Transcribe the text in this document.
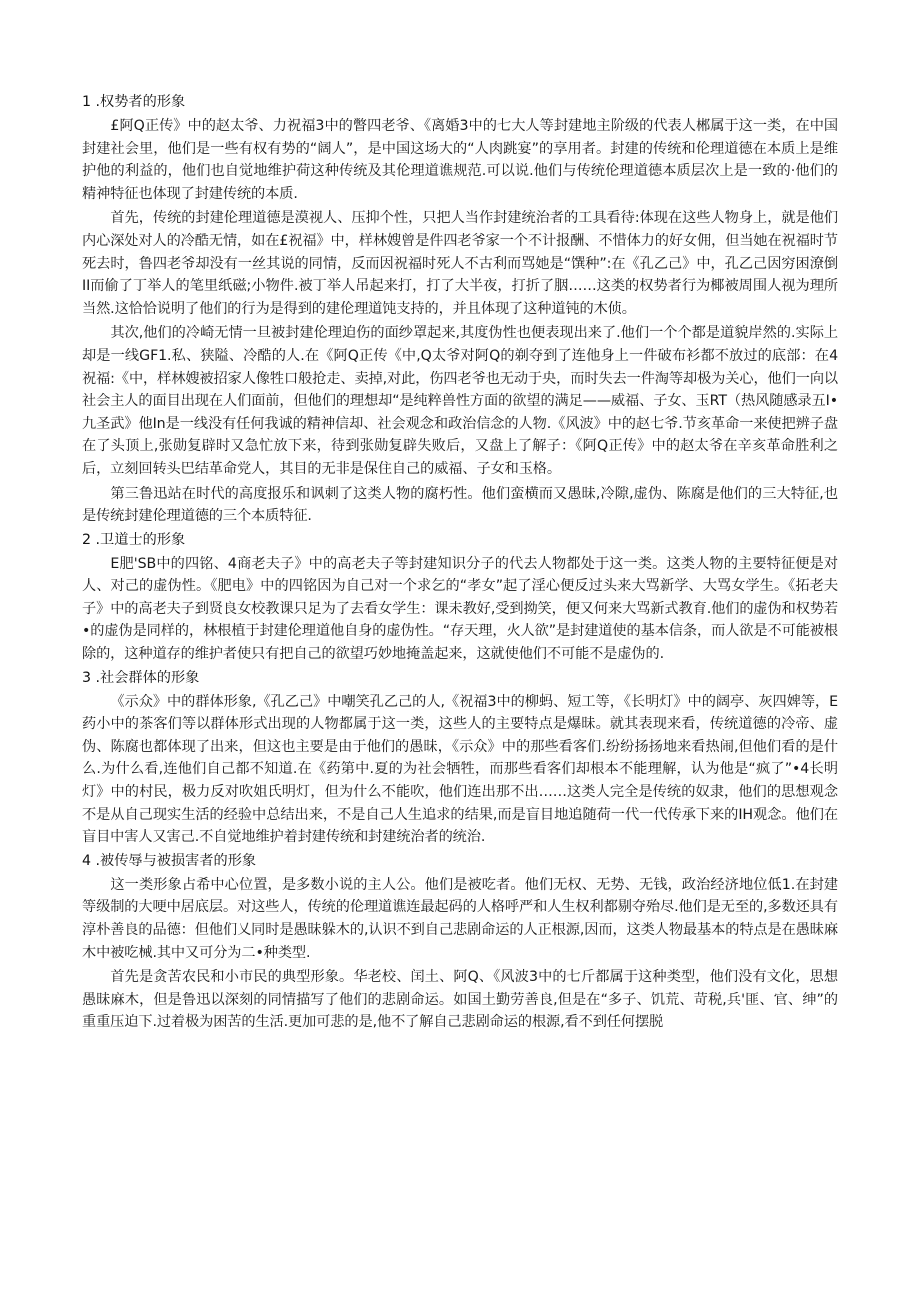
1 .权势者的形象

£阿Q正传》中的赵太爷、力祝福3中的瞥四老爷、《离婚3中的七大人等封建地主阶级的代表人郴属于这一类，在中国封建社会里，他们是一些有权有势的“阔人”，是中国这场大的“人肉跳宴”的享用者。封建的传统和伦理道德在本质上是维护他的利益的，他们也自觉地维护荷这种传统及其伦理道谯规范.可以说.他们与传统伦理道德本质层次上是一致的·他们的精神特征也体现了封建传统的本质.

首先，传统的封建伦理道德是漠视人、压抑个性，只把人当作封建统治者的工具看待:体现在这些人物身上，就是他们内心深处对人的冷酷无情，如在£祝福》中，样林嫂曾是件四老爷家一个不计报酬、不惜体力的好女佣，但当她在祝福时节死去时，鲁四老爷却没有一丝其说的同情，反而因祝福时死人不古利而骂她是“馔种”:在《孔乙己》中，孔乙己因穷困潦倒II而偷了丁举人的笔里纸磁;小物件.被丁举人吊起来打，打了大半夜，打折了胭……这类的权势者行为椰被周围人视为理所当然.这恰恰说明了他们的行为是得到的建伦理道饨支持的，并且体现了这种道钝的木侦。

其次,他们的冷崎无情一旦被封建伦理迫伤的面纱罩起来,其度伪性也便表现出来了.他们一个个都是道貌岸然的.实际上却是一线GF1.私、狭隘、冷酷的人.在《阿Q正传《中,Q太爷对阿Q的剃夺到了连他身上一件破布衫都不放过的底部：在4祝福:《中，样林嫂被招家人像牲口般抢走、卖掉,对此，伤四老爷也无动于央，而时失去一件淘等却极为关心，他们一向以社会主人的面目出现在人们面前，但他们的理想却“是纯粹兽性方面的欲望的满足——威福、子女、玉RT（热风随感录五I•九圣武》他In是一线没有任何我诚的精神信却、社会观念和政治信念的人物.《风波》中的赵七爷.节亥革命一来使把辨子盘在了头顶上,张勋复辟时又急忙放下来，待到张勋复辟失败后，又盘上了解子：《阿Q正传》中的赵太爷在辛亥革命胜利之后，立刻回转头巴结革命党人，其目的无非是保住自己的威福、子女和玉格。

第三鲁迅站在时代的高度报乐和讽刺了这类人物的腐朽性。他们蛮横而又愚昧,冷隙,虚伪、陈腐是他们的三大特征,也是传统封建伦理道德的三个本质特征.

2 .卫道士的形象

E肥'SB中的四铭、4商老夫子》中的高老夫子等封建知识分子的代去人物都处于这一类。这类人物的主要特征便是对人、对己的虚伪性。《肥电》中的四铭因为自己对一个求乞的“孝女”起了淫心便反过头来大骂新学、大骂女学生。《拓老夫子》中的高老夫子到贤良女校教课只足为了去看女学生：课未教好,受到拗笑，便又何来大骂新式教育.他们的虚伪和权势若•的虚伪是同样的，林根植于封建伦理道他自身的虚伪性。“存天理，火人欲”是封建道使的基本信条，而人欲是不可能被根除的，这种道存的维护者使只有把自己的欲望巧妙地掩盖起来，这就使他们不可能不是虚伪的.

3 .社会群体的形象

《示众》中的群体形象,《孔乙己》中嘲笑孔乙己的人,《祝福3中的柳蚂、短工等，《长明灯》中的阔亭、灰四婢等，E药小中的茶客们等以群体形式出现的人物都属于这一类，这些人的主要特点是爆昧。就其表现来看，传统道德的冷帝、虚伪、陈腐也都体现了出来，但这也主要是由于他们的愚昧，《示众》中的那些看客们.纷纷扬扬地来看热闹,但他们看的是什么.为什么看,连他们自己都不知道.在《药第中.夏的为社会牺牲，而那些看客们却根本不能理解，认为他是“疯了”•4长明灯》中的村民，极力反对吹姐氏明灯，但为什么不能吹，他们连出那不出……这类人完全是传统的奴隶，他们的思想观念不是从自己现实生活的经验中总结出来，不是自己人生追求的结果,而是盲目地追随荷一代一代传承下来的IH观念。他们在盲目中害人又害己.不自觉地维护着封建传统和封建统治者的统治.

4 .被传辱与被损害者的形象

这一类形象占希中心位置，是多数小说的主人公。他们是被吃者。他们无权、无势、无钱，政治经济地位低1.在封建等级制的大哽中居底层。对这些人，传统的伦理道谯连最起码的人格呼严和人生权利都剔夺殆尽.他们是无至的,多数还具有淳朴善良的品德：但他们乂同时是愚昧躲木的,认识不到自己悲剧命运的人正根源,因而，这类人物最基本的特点是在愚昧麻木中被吃械.其中又可分为二•种类型.

首先是贪苦农民和小市民的典型形象。华老校、闰土、阿Q、《风波3中的七斤都属于这种类型，他们没有文化，思想愚昧麻木，但是鲁迅以深刻的同情描写了他们的悲剧命运。如国土勤劳善良,但是在“多子、饥荒、苛税,兵'匪、官、绅”的重重压迫下.过着极为困苦的生活.更加可悲的是,他不了解自己悲剧命运的根源,看不到任何摆脱
